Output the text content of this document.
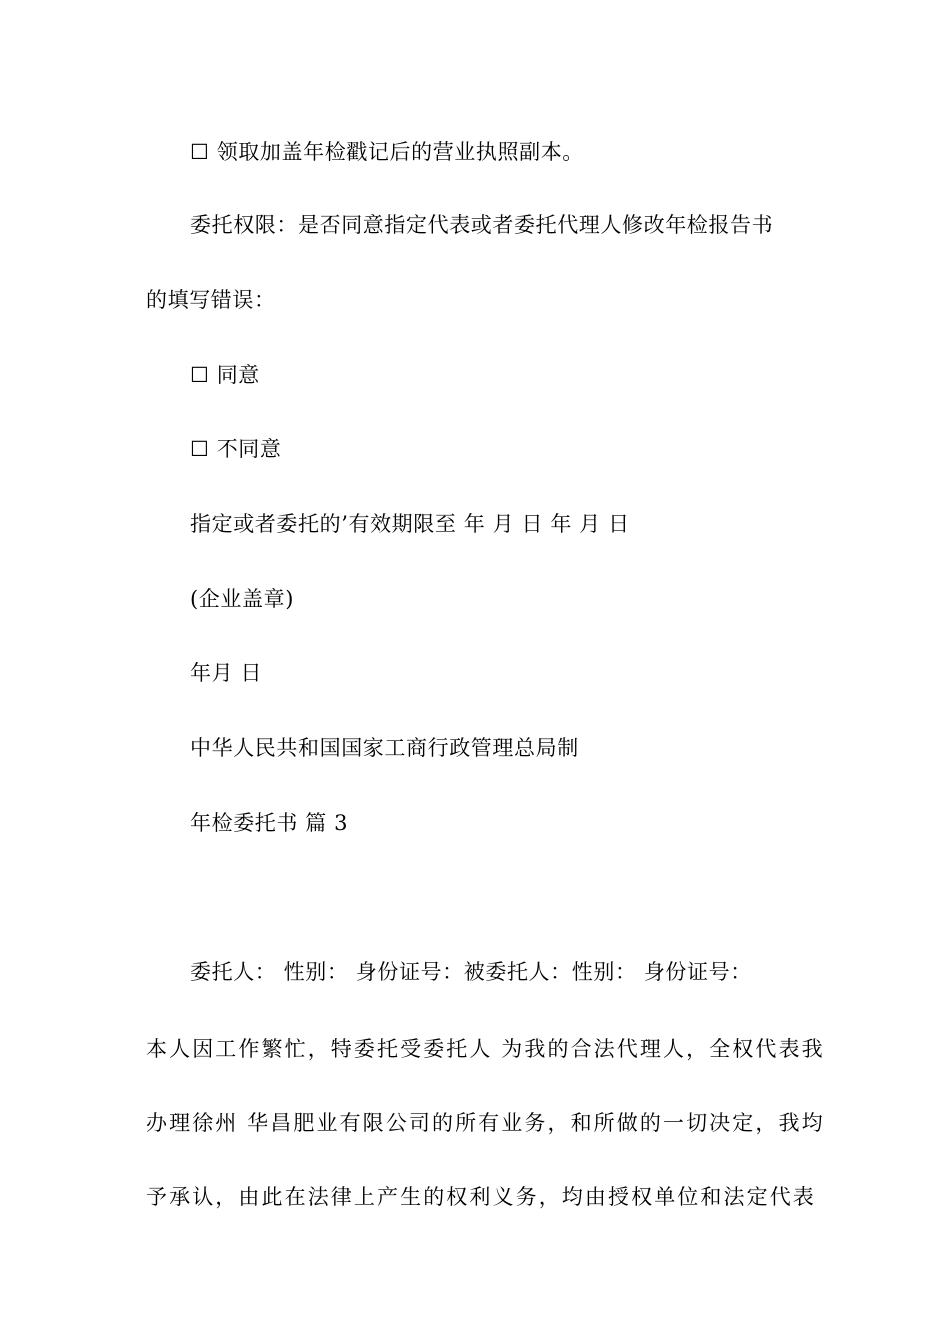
☐ 领取加盖年检戳记后的营业执照副本。
委托权限：是否同意指定代表或者委托代理人修改年检报告书
的填写错误：
☐ 同意
☐ 不同意
指定或者委托的’有效期限至 年 月 日 年 月 日
(企业盖章)
年月 日
中华人民共和国国家工商行政管理总局制
年检委托书 篇 3
委托人： 性别： 身份证号：被委托人：性别： 身份证号：
本人因工作繁忙，特委托受委托人 为我的合法代理人，全权代表我
办理徐州 华昌肥业有限公司的所有业务，和所做的一切决定，我均
予承认，由此在法律上产生的权利义务，均由授权单位和法定代表
